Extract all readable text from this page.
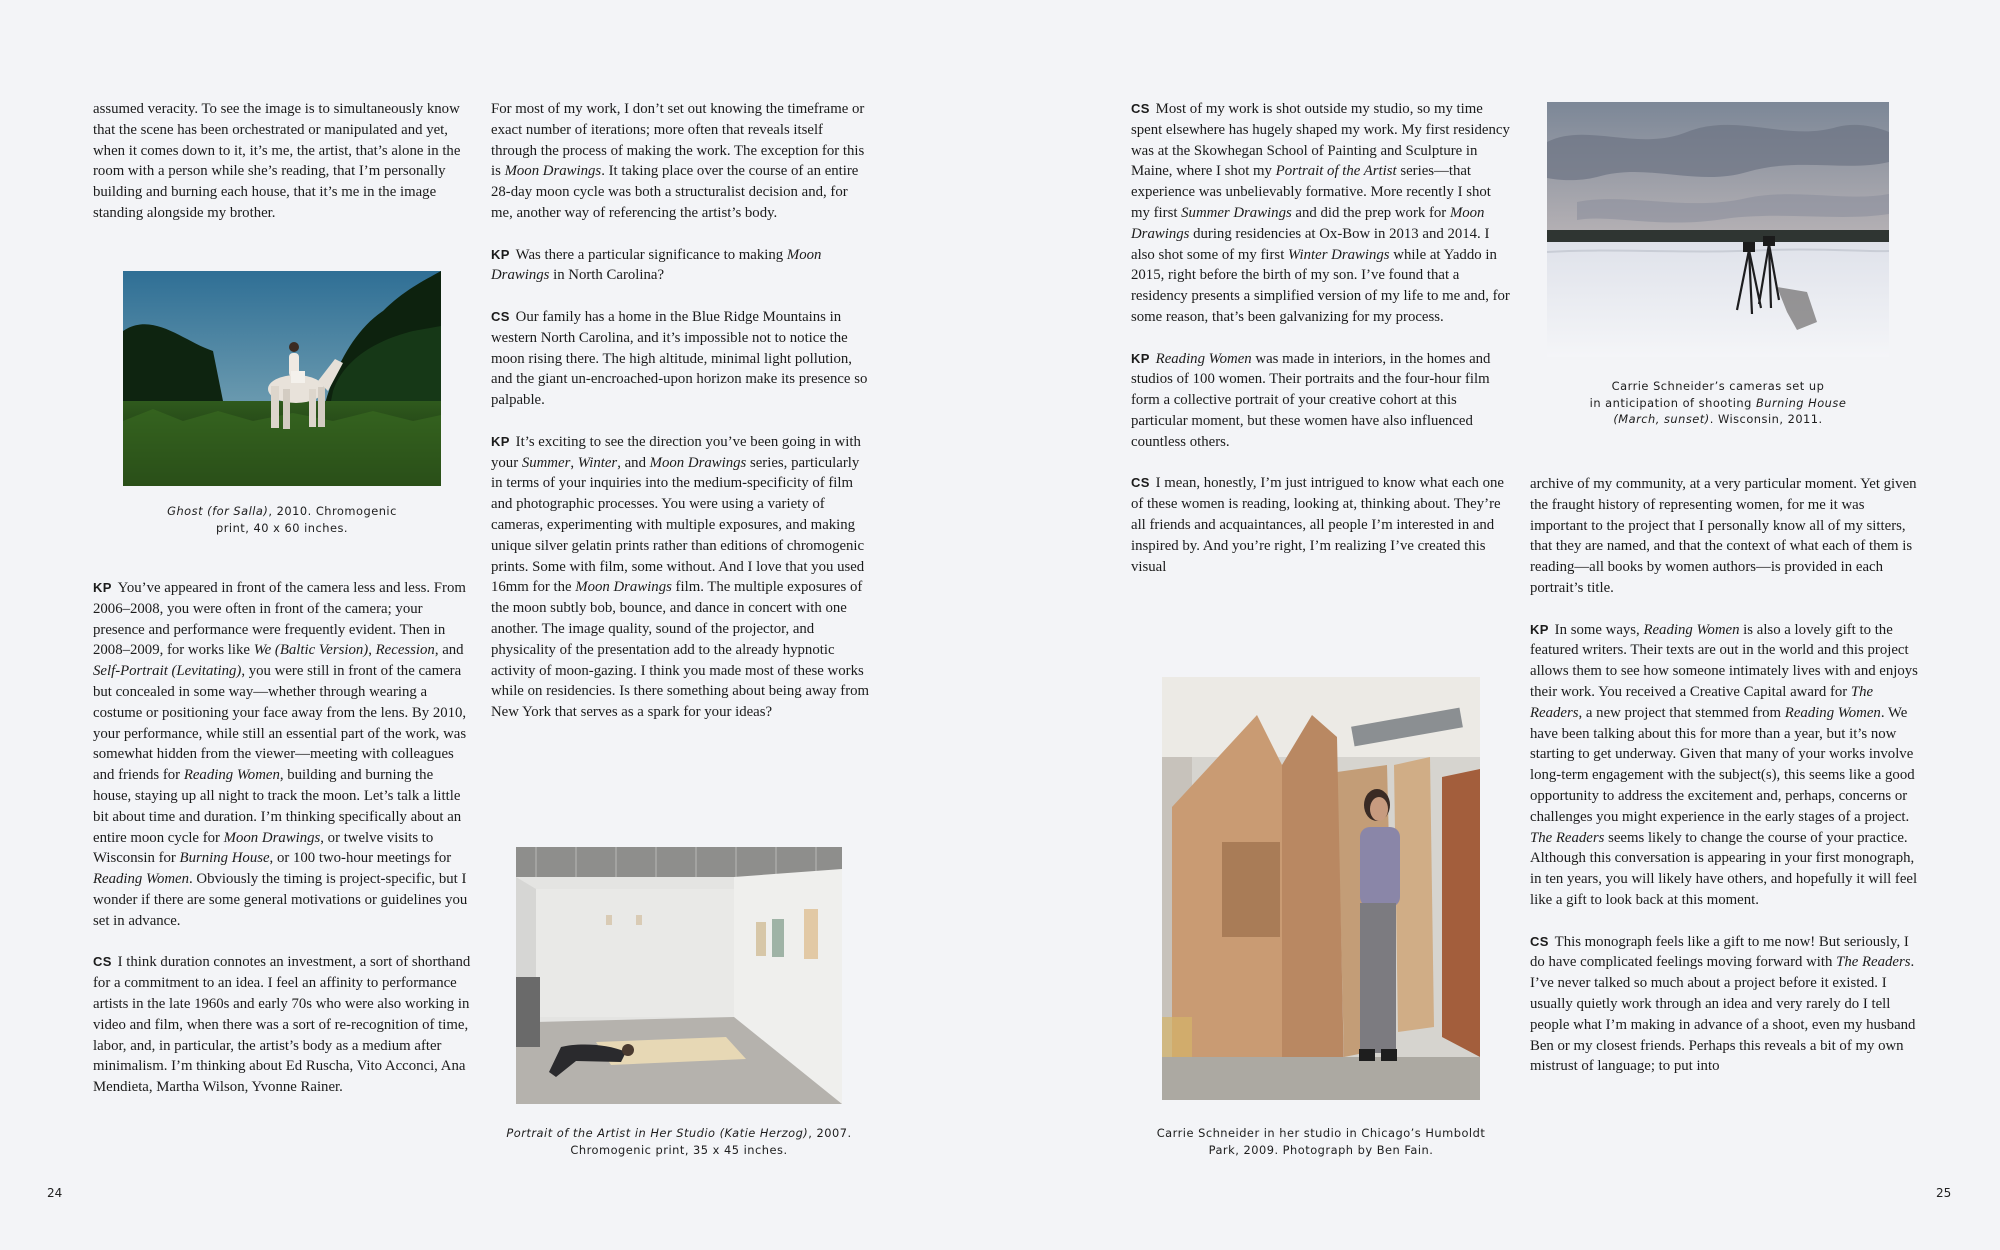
assumed veracity. To see the image is to simultaneously know that the scene has been orchestrated or manipulated and yet, when it comes down to it, it’s me, the artist, that’s alone in the room with a person while she’s reading, that I’m personally building and burning each house, that it’s me in the image standing alongside my brother.

Ghost (for Salla), 2010. Chromogenic
print, 40 x 60 inches.

KP You’ve appeared in front of the camera less and less. From 2006–2008, you were often in front of the camera; your presence and performance were frequently evident. Then in 2008–2009, for works like We (Baltic Version), Recession, and Self-Portrait (Levitating), you were still in front of the camera but concealed in some way—whether through wearing a costume or positioning your face away from the lens. By 2010, your performance, while still an essential part of the work, was somewhat hidden from the viewer—meeting with colleagues and friends for Reading Women, building and burning the house, staying up all night to track the moon. Let’s talk a little bit about time and duration. I’m thinking specifically about an entire moon cycle for Moon Drawings, or twelve visits to Wisconsin for Burning House, or 100 two-hour meetings for Reading Women. Obviously the timing is project-specific, but I wonder if there are some general motivations or guidelines you set in advance.

CS I think duration connotes an investment, a sort of shorthand for a commitment to an idea. I feel an affinity to performance artists in the late 1960s and early 70s who were also working in video and film, when there was a sort of re-recognition of time, labor, and, in particular, the artist’s body as a medium after minimalism. I’m thinking about Ed Ruscha, Vito Acconci, Ana Mendieta, Martha Wilson, Yvonne Rainer.

For most of my work, I don’t set out knowing the timeframe or exact number of iterations; more often that reveals itself through the process of making the work. The exception for this is Moon Drawings. It taking place over the course of an entire 28-day moon cycle was both a structuralist decision and, for me, another way of referencing the artist’s body.

KP Was there a particular significance to making Moon Drawings in North Carolina?

CS Our family has a home in the Blue Ridge Mountains in western North Carolina, and it’s impossible not to notice the moon rising there. The high altitude, minimal light pollution, and the giant un-encroached-upon horizon make its presence so palpable.

KP It’s exciting to see the direction you’ve been going in with your Summer, Winter, and Moon Drawings series, particularly in terms of your inquiries into the medium-specificity of film and photographic processes. You were using a variety of cameras, experimenting with multiple exposures, and making unique silver gelatin prints rather than editions of chromogenic prints. Some with film, some without. And I love that you used 16mm for the Moon Drawings film. The multiple exposures of the moon subtly bob, bounce, and dance in concert with one another. The image quality, sound of the projector, and physicality of the presentation add to the already hypnotic activity of moon-gazing. I think you made most of these works while on residencies. Is there something about being away from New York that serves as a spark for your ideas?

Portrait of the Artist in Her Studio (Katie Herzog), 2007.
Chromogenic print, 35 x 45 inches.
24

CS Most of my work is shot outside my studio, so my time spent elsewhere has hugely shaped my work. My first residency was at the Skowhegan School of Painting and Sculpture in Maine, where I shot my Portrait of the Artist series—that experience was unbelievably formative. More recently I shot my first Summer Drawings and did the prep work for Moon Drawings during residencies at Ox-Bow in 2013 and 2014. I also shot some of my first Winter Drawings while at Yaddo in 2015, right before the birth of my son. I’ve found that a residency presents a simplified version of my life to me and, for some reason, that’s been galvanizing for my process.

KP Reading Women was made in interiors, in the homes and studios of 100 women. Their portraits and the four-hour film form a collective portrait of your creative cohort at this particular moment, but these women have also influenced countless others.

CS I mean, honestly, I’m just intrigued to know what each one of these women is reading, looking at, thinking about. They’re all friends and acquaintances, all people I’m interested in and inspired by. And you’re right, I’m realizing I’ve created this visual

Carrie Schneider in her studio in Chicago’s Humboldt
Park, 2009. Photograph by Ben Fain.
Carrie Schneider’s cameras set up
in anticipation of shooting Burning House
(March, sunset). Wisconsin, 2011.

archive of my community, at a very particular moment. Yet given the fraught history of representing women, for me it was important to the project that I personally know all of my sitters, that they are named, and that the context of what each of them is reading—all books by women authors—is provided in each portrait’s title.

KP In some ways, Reading Women is also a lovely gift to the featured writers. Their texts are out in the world and this project allows them to see how someone intimately lives with and enjoys their work. You received a Creative Capital award for The Readers, a new project that stemmed from Reading Women. We have been talking about this for more than a year, but it’s now starting to get underway. Given that many of your works involve long-term engagement with the subject(s), this seems like a good opportunity to address the excitement and, perhaps, concerns or challenges you might experience in the early stages of a project. The Readers seems likely to change the course of your practice. Although this conversation is appearing in your first monograph, in ten years, you will likely have others, and hopefully it will feel like a gift to look back at this moment.

CS This monograph feels like a gift to me now! But seriously, I do have complicated feelings moving forward with The Readers. I’ve never talked so much about a project before it existed. I usually quietly work through an idea and very rarely do I tell people what I’m making in advance of a shoot, even my husband Ben or my closest friends. Perhaps this reveals a bit of my own mistrust of language; to put into

25
